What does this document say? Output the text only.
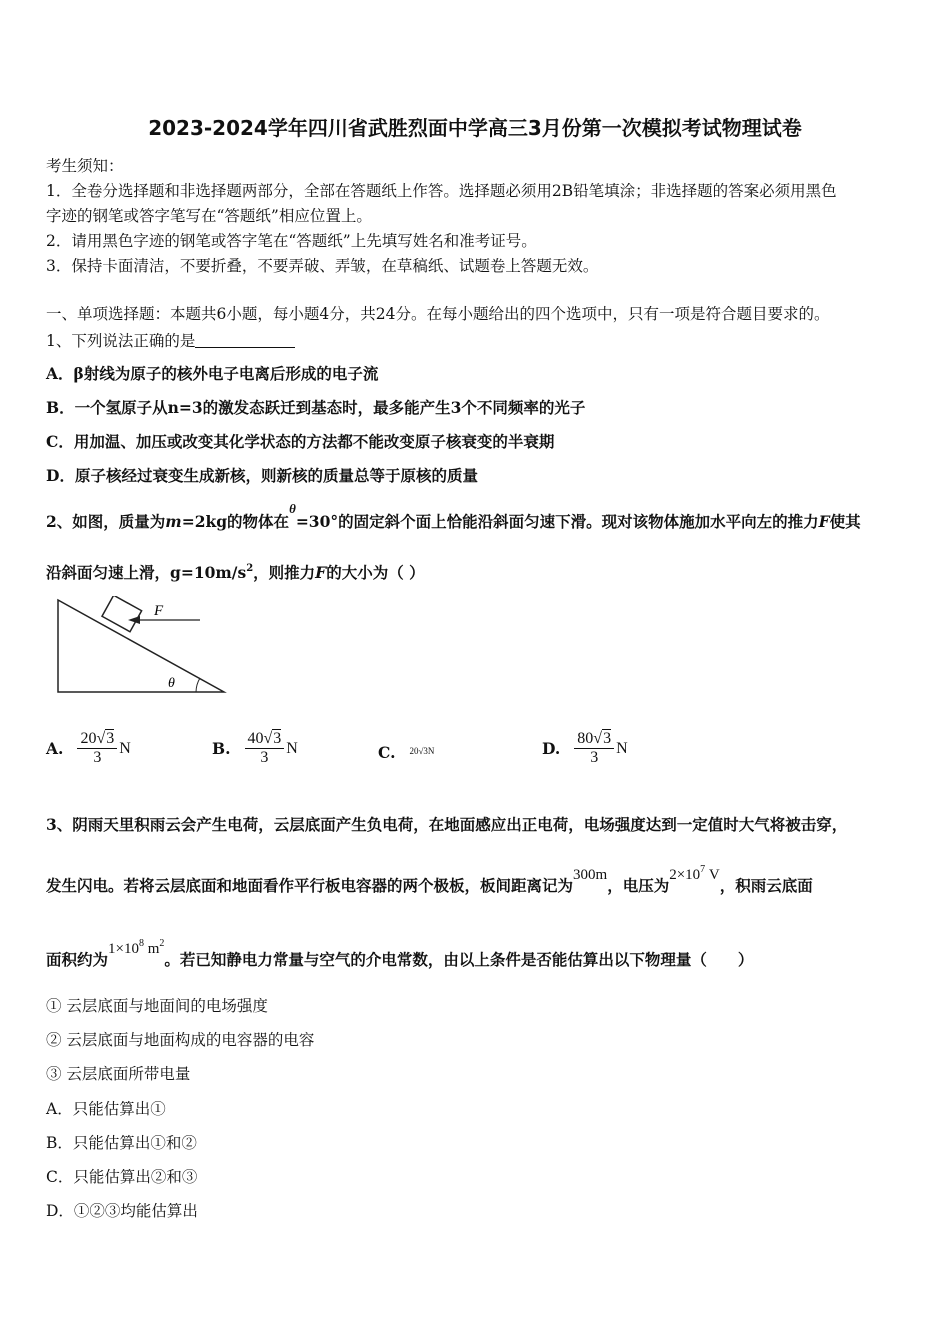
2023-2024学年四川省武胜烈面中学高三3月份第一次模拟考试物理试卷
考生须知：
1．全卷分选择题和非选择题两部分，全部在答题纸上作答。选择题必须用2B铅笔填涂；非选择题的答案必须用黑色
字迹的钢笔或答字笔写在“答题纸”相应位置上。
2．请用黑色字迹的钢笔或答字笔在“答题纸”上先填写姓名和准考证号。
3．保持卡面清洁，不要折叠，不要弄破、弄皱，在草稿纸、试题卷上答题无效。
一、单项选择题：本题共6小题，每小题4分，共24分。在每小题给出的四个选项中，只有一项是符合题目要求的。
1、下列说法正确的是
A．β射线为原子的核外电子电离后形成的电子流
B．一个氢原子从n=3的激发态跃迁到基态时，最多能产生3个不同频率的光子
C．用加温、加压或改变其化学状态的方法都不能改变原子核衰变的半衰期
D．原子核经过衰变生成新核，则新核的质量总等于原核的质量
2、如图，质量为m=2kg的物体在$^\theta$=30°的固定斜个面上恰能沿斜面匀速下滑。现对该物体施加水平向左的推力F使其
沿斜面匀速上滑，$g=10m/s^2$，则推力F的大小为（ ）
F
θ
A. $\frac{20√3}{3}$ N	B. $\frac{40√3}{3}$ N	C. $_{20√3N}$	D. $\frac{80√3}{3}$ N
3、阴雨天里积雨云会产生电荷，云层底面产生负电荷，在地面感应出正电荷，电场强度达到一定值时大气将被击穿，
发生闪电。若将云层底面和地面看作平行板电容器的两个极板，板间距离记为300m，电压为$2\times 10^7$ V，积雨云底面
面积约为$1\times 10^8$ $m^2$。若已知静电力常量与空气的介电常数，由以上条件是否能估算出以下物理量（　　）
① 云层底面与地面间的电场强度
② 云层底面与地面构成的电容器的电容
③ 云层底面所带电量
A．只能估算出①
B．只能估算出①和②
C．只能估算出②和③
D．①②③均能估算出
